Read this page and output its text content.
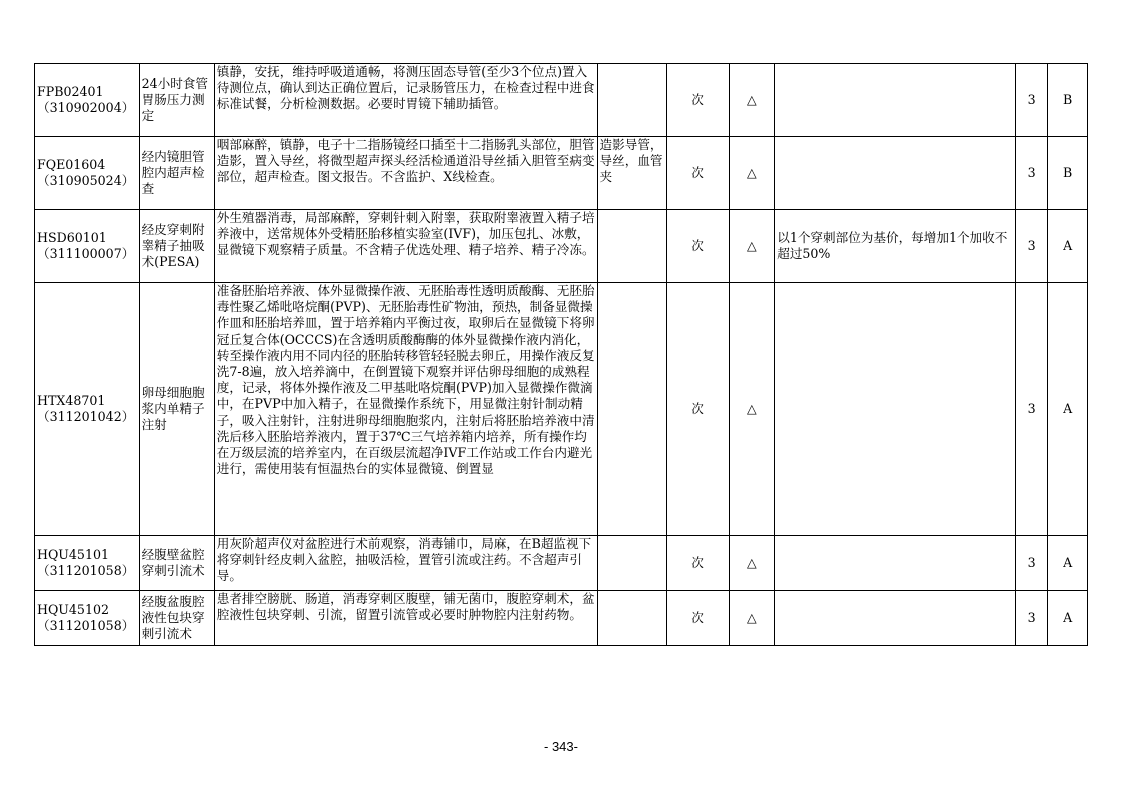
FPB02401
（310902004）	24小时食管胃肠压力测定	镇静，安抚，维持呼吸道通畅，将测压固态导管(至少3个位点)置入待测位点，确认到达正确位置后，记录肠管压力，在检查过程中进食标准试餐，分析检测数据。必要时胃镜下辅助插管。		次	△		3	B

FQE01604
（310905024）	经内镜胆管腔内超声检查	咽部麻醉，镇静，电子十二指肠镜经口插至十二指肠乳头部位，胆管造影，置入导丝，将微型超声探头经活检通道沿导丝插入胆管至病变部位，超声检查。图文报告。不含监护、X线检查。	造影导管，导丝，血管夹	次	△		3	B

HSD60101
（311100007）	经皮穿刺附睾精子抽吸术(PESA)	外生殖器消毒，局部麻醉，穿刺针刺入附睾，获取附睾液置入精子培养液中，送常规体外受精胚胎移植实验室(IVF)，加压包扎、冰敷，显微镜下观察精子质量。不含精子优选处理、精子培养、精子冷冻。		次	△	以1个穿刺部位为基价，每增加1个加收不超过50%	3	A

HTX48701
（311201042）	卵母细胞胞浆内单精子注射	准备胚胎培养液、体外显微操作液、无胚胎毒性透明质酸酶、无胚胎毒性聚乙烯吡咯烷酮(PVP)、无胚胎毒性矿物油，预热，制备显微操作皿和胚胎培养皿，置于培养箱内平衡过夜，取卵后在显微镜下将卵冠丘复合体(OCCCS)在含透明质酸酶酶的体外显微操作液内消化，转至操作液内用不同内径的胚胎转移管轻轻脱去卵丘，用操作液反复洗7-8遍，放入培养滴中，在倒置镜下观察并评估卵母细胞的成熟程度，记录，将体外操作液及二甲基吡咯烷酮(PVP)加入显微操作微滴中，在PVP中加入精子，在显微操作系统下，用显微注射针制动精子，吸入注射针，注射进卵母细胞胞浆内，注射后将胚胎培养液中清洗后移入胚胎培养液内，置于37℃三气培养箱内培养，所有操作均在万级层流的培养室内，在百级层流超净IVF工作站或工作台内避光进行，需使用装有恒温热台的实体显微镜、倒置显		次	△		3	A

HQU45101
（311201058）	经腹壁盆腔穿刺引流术	用灰阶超声仪对盆腔进行术前观察，消毒铺巾，局麻，在B超监视下将穿刺针经皮刺入盆腔，抽吸活检，置管引流或注药。不含超声引导。		次	△		3	A

HQU45102
（311201058）	经腹盆腹腔液性包块穿刺引流术	患者排空膀胱、肠道，消毒穿刺区腹壁，铺无菌巾，腹腔穿刺术，盆腔液性包块穿刺、引流，留置引流管或必要时肿物腔内注射药物。		次	△		3	A
- 343-
